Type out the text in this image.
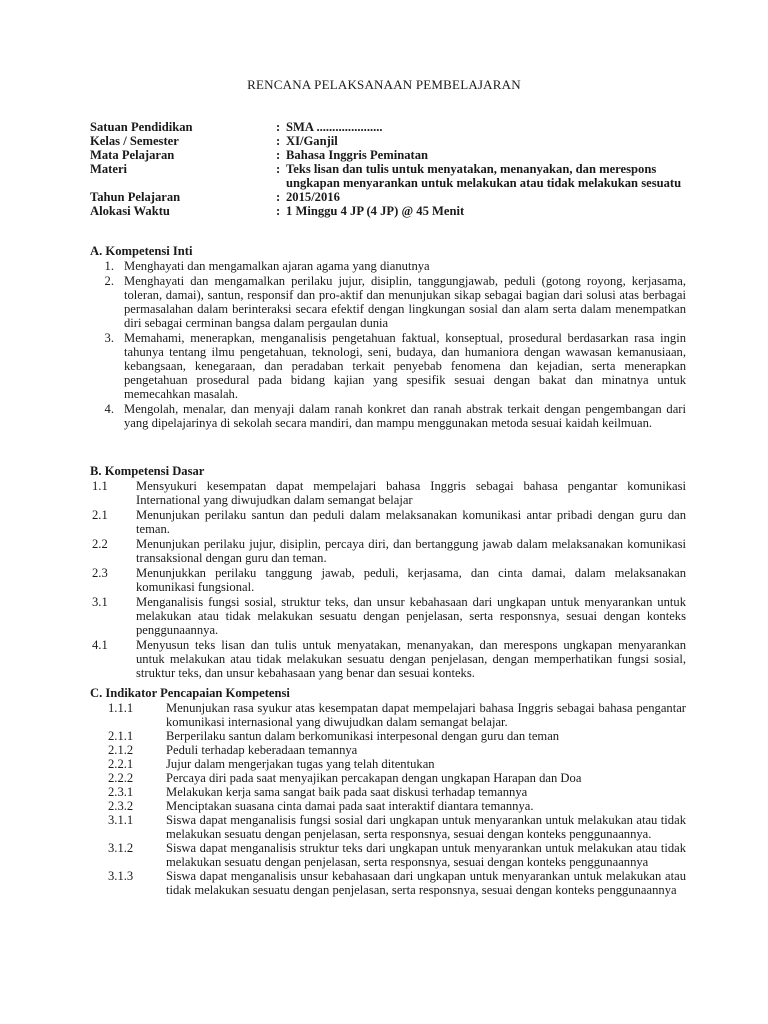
RENCANA PELAKSANAAN PEMBELAJARAN
Satuan Pendidikan	: SMA .....................
Kelas / Semester	: XI/Ganjil
Mata Pelajaran	: Bahasa Inggris Peminatan
Materi	: Teks lisan dan tulis untuk menyatakan, menanyakan, dan merespons ungkapan menyarankan untuk melakukan atau tidak melakukan sesuatu
Tahun Pelajaran	: 2015/2016
Alokasi Waktu	: 1 Minggu 4 JP (4 JP) @ 45 Menit
A. Kompetensi Inti
1. Menghayati dan mengamalkan ajaran agama yang dianutnya
2. Menghayati dan mengamalkan perilaku jujur, disiplin, tanggungjawab, peduli (gotong royong, kerjasama, toleran, damai), santun, responsif dan pro-aktif dan menunjukan sikap sebagai bagian dari solusi atas berbagai permasalahan dalam berinteraksi secara efektif dengan lingkungan sosial dan alam serta dalam menempatkan diri sebagai cerminan bangsa dalam pergaulan dunia
3. Memahami, menerapkan, menganalisis pengetahuan faktual, konseptual, prosedural berdasarkan rasa ingin tahunya tentang ilmu pengetahuan, teknologi, seni, budaya, dan humaniora dengan wawasan kemanusiaan, kebangsaan, kenegaraan, dan peradaban terkait penyebab fenomena dan kejadian, serta menerapkan pengetahuan prosedural pada bidang kajian yang spesifik sesuai dengan bakat dan minatnya untuk memecahkan masalah.
4. Mengolah, menalar, dan menyaji dalam ranah konkret dan ranah abstrak terkait dengan pengembangan dari yang dipelajarinya di sekolah secara mandiri, dan mampu menggunakan metoda sesuai kaidah keilmuan.
B. Kompetensi Dasar
1.1	Mensyukuri kesempatan dapat mempelajari bahasa Inggris sebagai bahasa pengantar komunikasi International yang diwujudkan dalam semangat belajar
2.1	Menunjukan perilaku santun dan peduli dalam melaksanakan komunikasi antar pribadi dengan guru dan teman.
2.2	Menunjukan perilaku jujur, disiplin, percaya diri, dan bertanggung jawab dalam melaksanakan komunikasi transaksional dengan guru dan teman.
2.3	Menunjukkan perilaku tanggung jawab, peduli, kerjasama, dan cinta damai, dalam melaksanakan komunikasi fungsional.
3.1	Menganalisis fungsi sosial, struktur teks, dan unsur kebahasaan dari ungkapan untuk menyarankan untuk melakukan atau tidak melakukan sesuatu dengan penjelasan, serta responsnya, sesuai dengan konteks penggunaannya.
4.1	Menyusun teks lisan dan tulis untuk menyatakan, menanyakan, dan merespons ungkapan menyarankan untuk melakukan atau tidak melakukan sesuatu dengan penjelasan, dengan memperhatikan fungsi sosial, struktur teks, dan unsur kebahasaan yang benar dan sesuai konteks.
C. Indikator Pencapaian Kompetensi
1.1.1	Menunjukan rasa syukur atas kesempatan dapat mempelajari bahasa Inggris sebagai bahasa pengantar komunikasi internasional yang diwujudkan dalam semangat belajar.
2.1.1	Berperilaku santun dalam berkomunikasi interpesonal dengan guru dan teman
2.1.2	Peduli terhadap keberadaan temannya
2.2.1	Jujur dalam mengerjakan tugas yang telah ditentukan
2.2.2	Percaya diri pada saat menyajikan percakapan dengan ungkapan Harapan dan Doa
2.3.1	Melakukan kerja sama sangat baik pada saat diskusi terhadap temannya
2.3.2	Menciptakan suasana cinta damai pada saat interaktif diantara temannya.
3.1.1	Siswa dapat menganalisis fungsi sosial dari ungkapan untuk menyarankan untuk melakukan atau tidak melakukan sesuatu dengan penjelasan, serta responsnya, sesuai dengan konteks penggunaannya.
3.1.2	Siswa dapat menganalisis struktur teks dari ungkapan untuk menyarankan untuk melakukan atau tidak melakukan sesuatu dengan penjelasan, serta responsnya, sesuai dengan konteks penggunaannya
3.1.3	Siswa dapat menganalisis unsur kebahasaan dari ungkapan untuk menyarankan untuk melakukan atau tidak melakukan sesuatu dengan penjelasan, serta responsnya, sesuai dengan konteks penggunaannya
